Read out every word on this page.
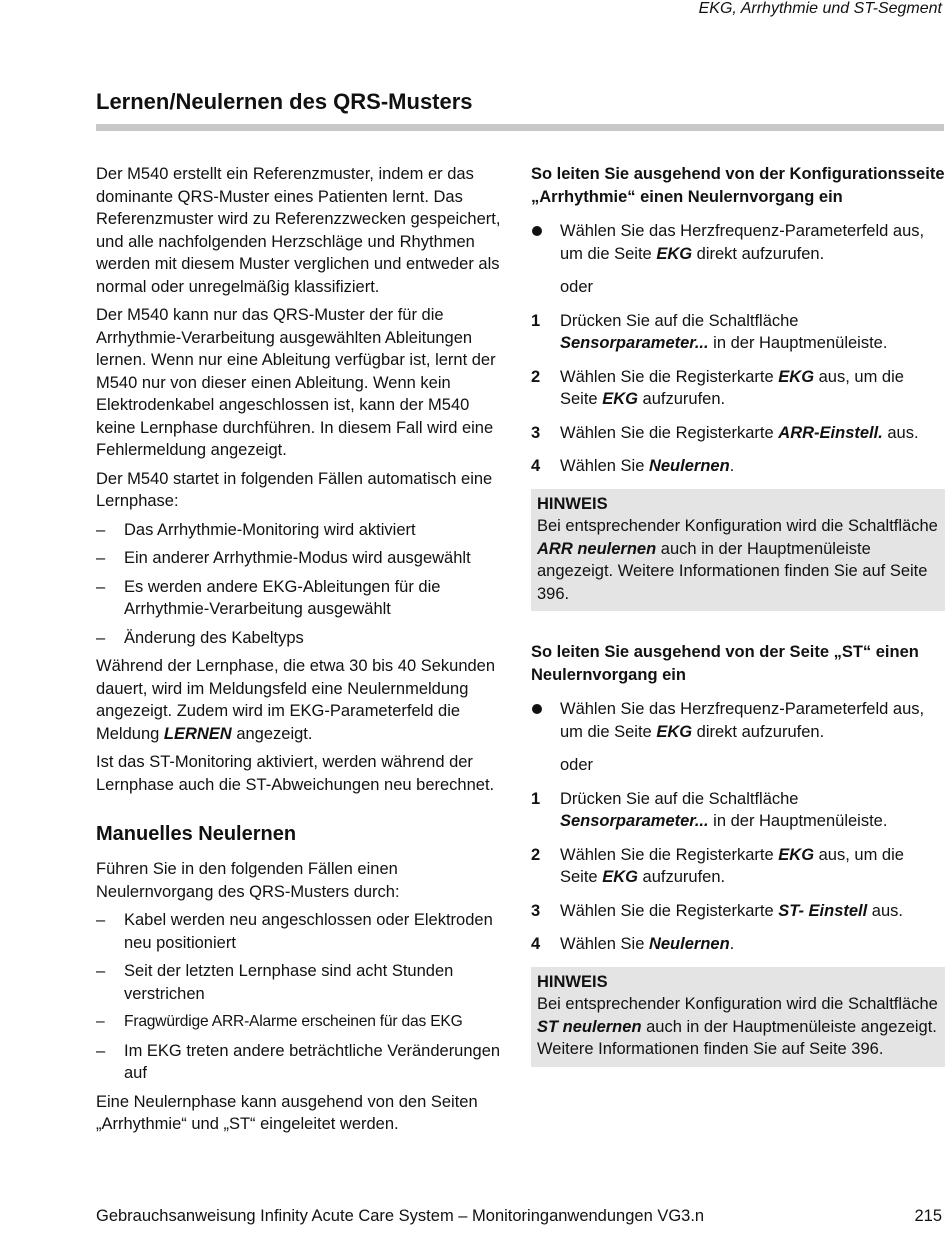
EKG, Arrhythmie und ST-Segment
Lernen/Neulernen des QRS-Musters

Der M540 erstellt ein Referenzmuster, indem er das dominante QRS-Muster eines Patienten lernt. Das Referenzmuster wird zu Referenzzwecken gespeichert, und alle nachfolgenden Herzschläge und Rhythmen werden mit diesem Muster verglichen und entweder als normal oder unregelmäßig klassifiziert.

Der M540 kann nur das QRS-Muster der für die Arrhythmie-Verarbeitung ausgewählten Ableitungen lernen. Wenn nur eine Ableitung verfügbar ist, lernt der M540 nur von dieser einen Ableitung. Wenn kein Elektrodenkabel angeschlossen ist, kann der M540 keine Lernphase durchführen. In diesem Fall wird eine Fehlermeldung angezeigt.

Der M540 startet in folgenden Fällen automatisch eine Lernphase:

– Das Arrhythmie-Monitoring wird aktiviert
– Ein anderer Arrhythmie-Modus wird ausgewählt
– Es werden andere EKG-Ableitungen für die Arrhythmie-Verarbeitung ausgewählt
– Änderung des Kabeltyps

Während der Lernphase, die etwa 30 bis 40 Sekunden dauert, wird im Meldungsfeld eine Neulernmeldung angezeigt. Zudem wird im EKG-Parameterfeld die Meldung LERNEN angezeigt.

Ist das ST-Monitoring aktiviert, werden während der Lernphase auch die ST-Abweichungen neu berechnet.

Manuelles Neulernen

Führen Sie in den folgenden Fällen einen Neulernvorgang des QRS-Musters durch:

– Kabel werden neu angeschlossen oder Elektroden neu positioniert
– Seit der letzten Lernphase sind acht Stunden verstrichen
– Fragwürdige ARR-Alarme erscheinen für das EKG
– Im EKG treten andere beträchtliche Veränderungen auf

Eine Neulernphase kann ausgehend von den Seiten „Arrhythmie“ und „ST“ eingeleitet werden.

So leiten Sie ausgehend von der Konfigurationsseite „Arrhythmie“ einen Neulernvorgang ein
Wählen Sie das Herzfrequenz-Parameterfeld aus, um die Seite EKG direkt aufzurufen.
oder
1 Drücken Sie auf die Schaltfläche Sensorparameter... in der Hauptmenüleiste.
2 Wählen Sie die Registerkarte EKG aus, um die Seite EKG aufzurufen.
3 Wählen Sie die Registerkarte ARR-Einstell. aus.
4 Wählen Sie Neulernen.
HINWEIS
Bei entsprechender Konfiguration wird die Schaltfläche ARR neulernen auch in der Hauptmenüleiste angezeigt. Weitere Informationen finden Sie auf Seite 396.
So leiten Sie ausgehend von der Seite „ST“ einen Neulernvorgang ein
Wählen Sie das Herzfrequenz-Parameterfeld aus, um die Seite EKG direkt aufzurufen.
oder
1 Drücken Sie auf die Schaltfläche Sensorparameter... in der Hauptmenüleiste.
2 Wählen Sie die Registerkarte EKG aus, um die Seite EKG aufzurufen.
3 Wählen Sie die Registerkarte ST- Einstell aus.
4 Wählen Sie Neulernen.
HINWEIS
Bei entsprechender Konfiguration wird die Schaltfläche ST neulernen auch in der Hauptmenüleiste angezeigt. Weitere Informationen finden Sie auf Seite 396.
Gebrauchsanweisung Infinity Acute Care System – Monitoringanwendungen VG3.n	215
